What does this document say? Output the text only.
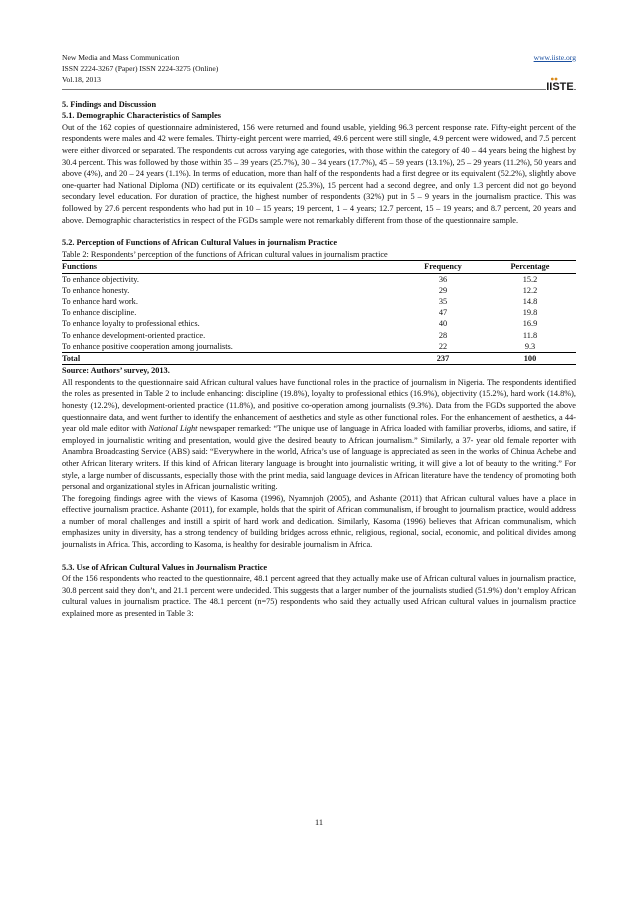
New Media and Mass Communication
ISSN 2224-3267 (Paper) ISSN 2224-3275 (Online)
Vol.18, 2013
www.iiste.org
IISTE
5. Findings and Discussion
5.1. Demographic Characteristics of Samples

Out of the 162 copies of questionnaire administered, 156 were returned and found usable, yielding 96.3 percent response rate. Fifty-eight percent of the respondents were males and 42 were females. Thirty-eight percent were married, 49.6 percent were still single, 4.9 percent were widowed, and 7.5 percent were either divorced or separated. The respondents cut across varying age categories, with those within the category of 40 – 44 years being the highest by 30.4 percent. This was followed by those within 35 – 39 years (25.7%), 30 – 34 years (17.7%), 45 – 59 years (13.1%), 25 – 29 years (11.2%), 50 years and above (4%), and 20 – 24 years (1.1%). In terms of education, more than half of the respondents had a first degree or its equivalent (52.2%), slightly above one-quarter had National Diploma (ND) certificate or its equivalent (25.3%), 15 percent had a second degree, and only 1.3 percent did not go beyond secondary level education. For duration of practice, the highest number of respondents (32%) put in 5 – 9 years in the journalism practice. This was followed by 27.6 percent respondents who had put in 10 – 15 years; 19 percent, 1 – 4 years; 12.7 percent, 15 – 19 years; and 8.7 percent, 20 years and above. Demographic characteristics in respect of the FGDs sample were not remarkably different from those of the questionnaire sample.

5.2. Perception of Functions of African Cultural Values in journalism Practice
Table 2: Respondents’ perception of the functions of African cultural values in journalism practice
Functions	Frequency	Percentage
To enhance objectivity.	36	15.2
To enhance honesty.	29	12.2
To enhance hard work.	35	14.8
To enhance discipline.	47	19.8
To enhance loyalty to professional ethics.	40	16.9
To enhance development-oriented practice.	28	11.8
To enhance positive cooperation among journalists.	22	9.3
Total	237	100
Source: Authors’ survey, 2013.

All respondents to the questionnaire said African cultural values have functional roles in the practice of journalism in Nigeria. The respondents identified the roles as presented in Table 2 to include enhancing: discipline (19.8%), loyalty to professional ethics (16.9%), objectivity (15.2%), hard work (14.8%), honesty (12.2%), development-oriented practice (11.8%), and positive co-operation among journalists (9.3%). Data from the FGDs supported the above questionnaire data, and went further to identify the enhancement of aesthetics and style as other functional roles. For the enhancement of aesthetics, a 44-year old male editor with National Light newspaper remarked: “The unique use of language in Africa loaded with familiar proverbs, idioms, and satire, if employed in journalistic writing and presentation, would give the desired beauty to African journalism.” Similarly, a 37- year old female reporter with Anambra Broadcasting Service (ABS) said: “Everywhere in the world, Africa’s use of language is appreciated as seen in the works of Chinua Achebe and other African literary writers. If this kind of African literary language is brought into journalistic writing, it will give a lot of beauty to the writing.” For style, a large number of discussants, especially those with the print media, said language devices in African literature have the tendency of promoting both personal and organizational styles in African journalistic writing.

The foregoing findings agree with the views of Kasoma (1996), Nyamnjoh (2005), and Ashante (2011) that African cultural values have a place in effective journalism practice. Ashante (2011), for example, holds that the spirit of African communalism, if brought to journalism practice, would address a number of moral challenges and instill a spirit of hard work and dedication. Similarly, Kasoma (1996) believes that African communalism, which emphasizes unity in diversity, has a strong tendency of building bridges across ethnic, religious, regional, social, economic, and political divides among journalists in Africa. This, according to Kasoma, is healthy for desirable journalism in Africa.

5.3. Use of African Cultural Values in Journalism Practice

Of the 156 respondents who reacted to the questionnaire, 48.1 percent agreed that they actually make use of African cultural values in journalism practice, 30.8 percent said they don’t, and 21.1 percent were undecided. This suggests that a larger number of the journalists studied (51.9%) don’t employ African cultural values in journalism practice. The 48.1 percent (n=75) respondents who said they actually used African cultural values in journalism practice explained more as presented in Table 3:

11
